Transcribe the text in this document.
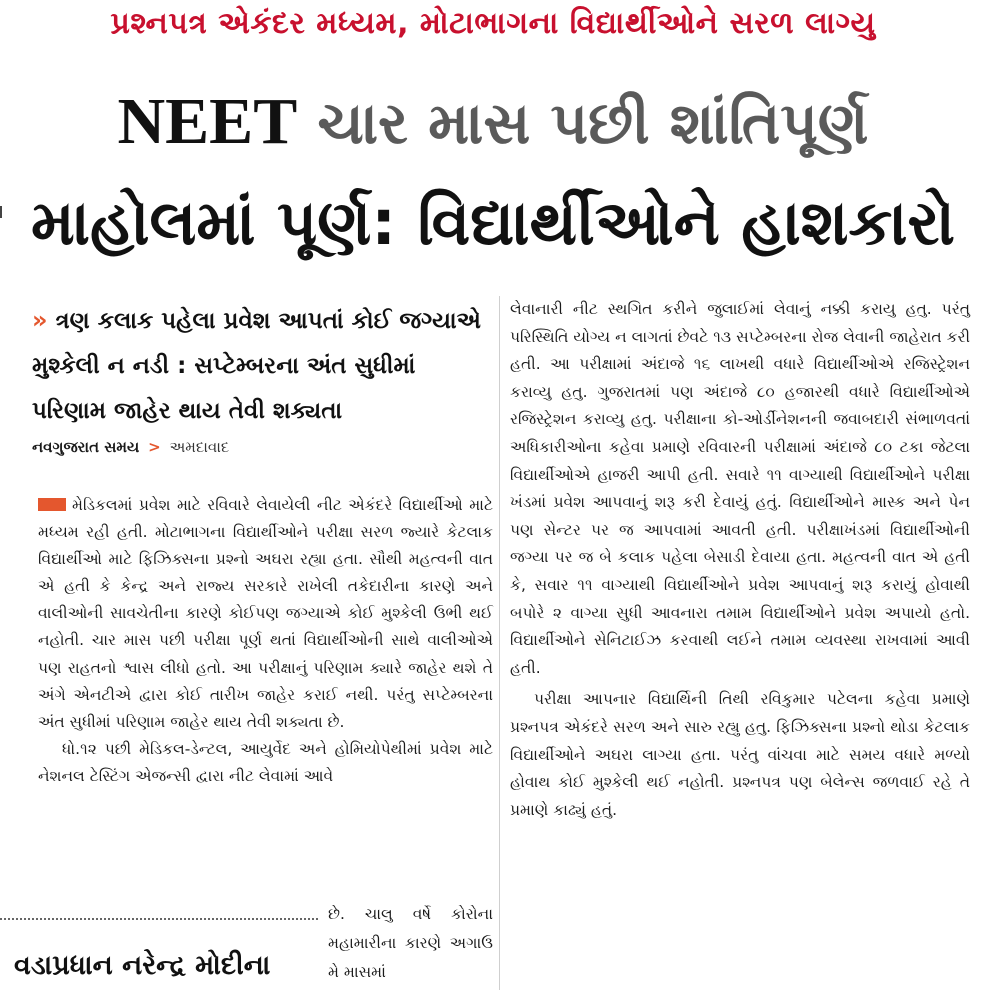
પ્રશ્નપત્ર એકંદર મધ્યમ, મોટાભાગના વિદ્યાર્થીઓને સરળ લાગ્યુ
NEET ચાર માસ પછી શાંતિપૂર્ણ
માહોલમાં પૂર્ણ: વિદ્યાર્થીઓને હાશકારો
» ત્રણ કલાક પહેલા પ્રવેશ આપતાં કોઈ જગ્યાએ મુશ્કેલી ન નડી : સપ્ટેમ્બરના અંત સુધીમાં પરિણામ જાહેર થાય તેવી શક્યતા
નવગુજરાત સમય > અમદાવાદ

મેડિકલમાં પ્રવેશ માટે રવિવારે લેવાયેલી નીટ એકંદરે વિદ્યાર્થીઓ માટે મધ્યમ રહી હતી. મોટાભાગના વિદ્યાર્થીઓને પરીક્ષા સરળ જ્યારે કેટલાક વિદ્યાર્થીઓ માટે ફિઝિક્સના પ્રશ્નો અઘરા રહ્યા હતા. સૌથી મહત્વની વાત એ હતી કે કેન્દ્ર અને રાજ્ય સરકારે રાખેલી તકેદારીના કારણે અને વાલીઓની સાવચેતીના કારણે કોઈપણ જગ્યાએ કોઈ મુશ્કેલી ઉભી થઈ નહોતી. ચાર માસ પછી પરીક્ષા પૂર્ણ થતાં વિદ્યાર્થીઓની સાથે વાલીઓએ પણ રાહતનો શ્વાસ લીધો હતો. આ પરીક્ષાનું પરિણામ ક્યારે જાહેર થશે તે અંગે એનટીએ દ્વારા કોઈ તારીખ જાહેર કરાઈ નથી. પરંતુ સપ્ટેમ્બરના અંત સુધીમાં પરિણામ જાહેર થાય તેવી શક્યતા છે.

ધો.૧૨ પછી મેડિકલ-ડેન્ટલ, આયુર્વેદ અને હોમિયોપેથીમાં પ્રવેશ માટે નેશનલ ટેસ્ટિંગ એજન્સી દ્વારા નીટ લેવામાં આવે

છે. ચાલુ વર્ષે કોરોના મહામારીના કારણે અગાઉ મે માસમાં
વડાપ્રધાન નરેન્દ્ર મોદીના

લેવાનારી નીટ સ્થગિત કરીને જુલાઈમાં લેવાનું નક્કી કરાયુ હતુ. પરંતુ પરિસ્થિતિ યોગ્ય ન લાગતાં છેવટે ૧૩ સપ્ટેમ્બરના રોજ લેવાની જાહેરાત કરી હતી. આ પરીક્ષામાં અંદાજે ૧૬ લાખથી વધારે વિદ્યાર્થીઓએ રજિસ્ટ્રેશન કરાવ્યુ હતુ. ગુજરાતમાં પણ અંદાજે ૮૦ હજારથી વધારે વિદ્યાર્થીઓએ રજિસ્ટ્રેશન કરાવ્યુ હતુ. પરીક્ષાના કો-ઓર્ડીનેશનની જવાબદારી સંભાળવતાં અધિકારીઓના કહેવા પ્રમાણે રવિવારની પરીક્ષામાં અંદાજે ૮૦ ટકા જેટલા વિદ્યાર્થીઓએ હાજરી આપી હતી. સવારે ૧૧ વાગ્યાથી વિદ્યાર્થીઓને પરીક્ષા ખંડમાં પ્રવેશ આપવાનું શરૂ કરી દેવાયું હતું. વિદ્યાર્થીઓને માસ્ક અને પેન પણ સેન્ટર પર જ આપવામાં આવતી હતી. પરીક્ષાખંડમાં વિદ્યાર્થીઓની જગ્યા પર જ બે કલાક પહેલા બેસાડી દેવાયા હતા. મહત્વની વાત એ હતી કે, સવાર ૧૧ વાગ્યાથી વિદ્યાર્થીઓને પ્રવેશ આપવાનું શરૂ કરાયું હોવાથી બપોરે ૨ વાગ્યા સુધી આવનારા તમામ વિદ્યાર્થીઓને પ્રવેશ અપાયો હતો. વિદ્યાર્થીઓને સેનિટાઈઝ કરવાથી લઈને તમામ વ્યવસ્થા રાખવામાં આવી હતી.

પરીક્ષા આપનાર વિદ્યાર્થિની તિથી રવિકુમાર પટેલના કહેવા પ્રમાણે પ્રશ્નપત્ર એકંદરે સરળ અને સારુ રહ્યુ હતુ. ફિઝિક્સના પ્રશ્નો થોડા કેટલાક વિદ્યાર્થીઓને અઘરા લાગ્યા હતા. પરંતુ વાંચવા માટે સમય વધારે મળ્યો હોવાથ કોઈ મુશ્કેલી થઈ નહોતી. પ્રશ્નપત્ર પણ બેલેન્સ જળવાઈ રહે તે પ્રમાણે કાઢ્યું હતું.
